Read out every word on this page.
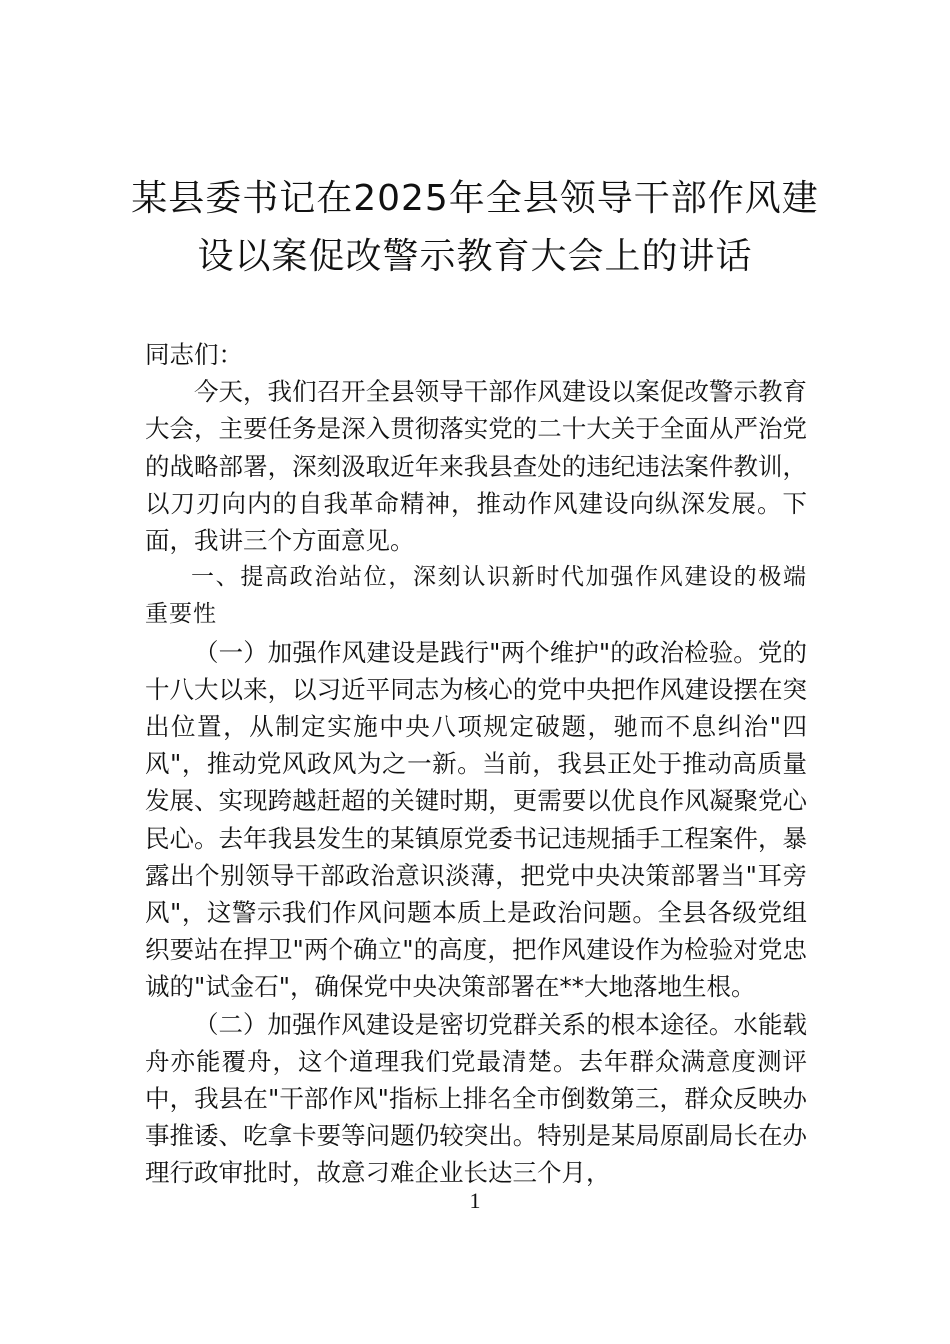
某县委书记在2025年全县领导干部作风建
设以案促改警示教育大会上的讲话

同志们：

今天，我们召开全县领导干部作风建设以案促改警示教育大会，主要任务是深入贯彻落实党的二十大关于全面从严治党的战略部署，深刻汲取近年来我县查处的违纪违法案件教训，以刀刃向内的自我革命精神，推动作风建设向纵深发展。下面，我讲三个方面意见。

一、提高政治站位，深刻认识新时代加强作风建设的极端重要性

（一）加强作风建设是践行"两个维护"的政治检验。党的十八大以来，以习近平同志为核心的党中央把作风建设摆在突出位置，从制定实施中央八项规定破题，驰而不息纠治"四风"，推动党风政风为之一新。当前，我县正处于推动高质量发展、实现跨越赶超的关键时期，更需要以优良作风凝聚党心民心。去年我县发生的某镇原党委书记违规插手工程案件，暴露出个别领导干部政治意识淡薄，把党中央决策部署当"耳旁风"，这警示我们作风问题本质上是政治问题。全县各级党组织要站在捍卫"两个确立"的高度，把作风建设作为检验对党忠诚的"试金石"，确保党中央决策部署在**大地落地生根。

（二）加强作风建设是密切党群关系的根本途径。水能载舟亦能覆舟，这个道理我们党最清楚。去年群众满意度测评中，我县在"干部作风"指标上排名全市倒数第三，群众反映办事推诿、吃拿卡要等问题仍较突出。特别是某局原副局长在办理行政审批时，故意刁难企业长达三个月，

1
